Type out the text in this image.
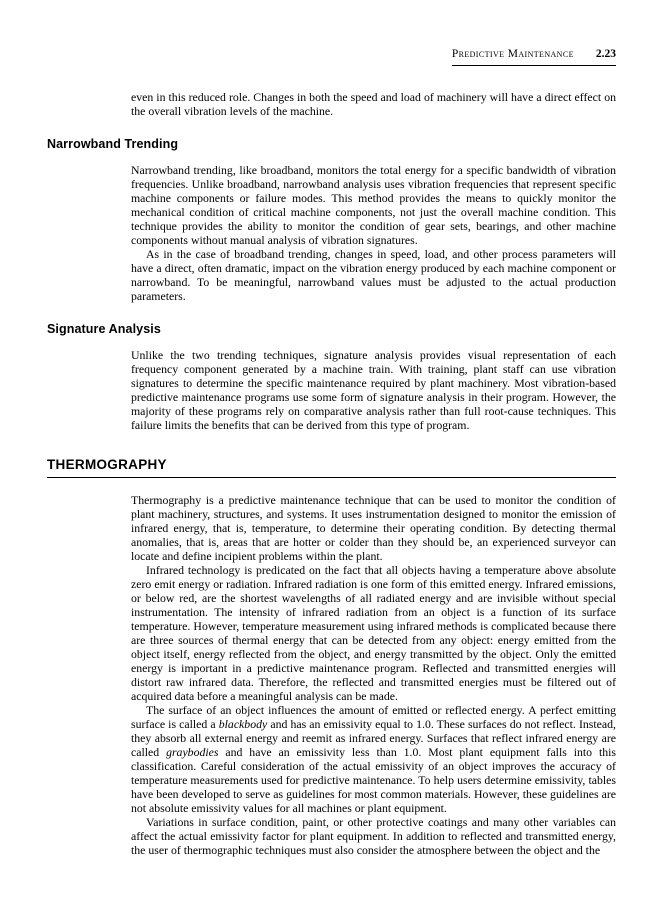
Predictive Maintenance 2.23

even in this reduced role. Changes in both the speed and load of machinery will have a direct effect on the overall vibration levels of the machine.

Narrowband Trending

Narrowband trending, like broadband, monitors the total energy for a specific bandwidth of vibration frequencies. Unlike broadband, narrowband analysis uses vibration frequencies that represent specific machine components or failure modes. This method provides the means to quickly monitor the mechanical condition of critical machine components, not just the overall machine condition. This technique provides the ability to monitor the condition of gear sets, bearings, and other machine components without manual analysis of vibration signatures.

As in the case of broadband trending, changes in speed, load, and other process parameters will have a direct, often dramatic, impact on the vibration energy produced by each machine component or narrowband. To be meaningful, narrowband values must be adjusted to the actual production parameters.

Signature Analysis

Unlike the two trending techniques, signature analysis provides visual representation of each frequency component generated by a machine train. With training, plant staff can use vibration signatures to determine the specific maintenance required by plant machinery. Most vibration-based predictive maintenance programs use some form of signature analysis in their program. However, the majority of these programs rely on comparative analysis rather than full root-cause techniques. This failure limits the benefits that can be derived from this type of program.

THERMOGRAPHY

Thermography is a predictive maintenance technique that can be used to monitor the condition of plant machinery, structures, and systems. It uses instrumentation designed to monitor the emission of infrared energy, that is, temperature, to determine their operating condition. By detecting thermal anomalies, that is, areas that are hotter or colder than they should be, an experienced surveyor can locate and define incipient problems within the plant.

Infrared technology is predicated on the fact that all objects having a temperature above absolute zero emit energy or radiation. Infrared radiation is one form of this emitted energy. Infrared emissions, or below red, are the shortest wavelengths of all radiated energy and are invisible without special instrumentation. The intensity of infrared radiation from an object is a function of its surface temperature. However, temperature measurement using infrared methods is complicated because there are three sources of thermal energy that can be detected from any object: energy emitted from the object itself, energy reflected from the object, and energy transmitted by the object. Only the emitted energy is important in a predictive maintenance program. Reflected and transmitted energies will distort raw infrared data. Therefore, the reflected and transmitted energies must be filtered out of acquired data before a meaningful analysis can be made.

The surface of an object influences the amount of emitted or reflected energy. A perfect emitting surface is called a blackbody and has an emissivity equal to 1.0. These surfaces do not reflect. Instead, they absorb all external energy and reemit as infrared energy. Surfaces that reflect infrared energy are called graybodies and have an emissivity less than 1.0. Most plant equipment falls into this classification. Careful consideration of the actual emissivity of an object improves the accuracy of temperature measurements used for predictive maintenance. To help users determine emissivity, tables have been developed to serve as guidelines for most common materials. However, these guidelines are not absolute emissivity values for all machines or plant equipment.

Variations in surface condition, paint, or other protective coatings and many other variables can affect the actual emissivity factor for plant equipment. In addition to reflected and transmitted energy, the user of thermographic techniques must also consider the atmosphere between the object and the
